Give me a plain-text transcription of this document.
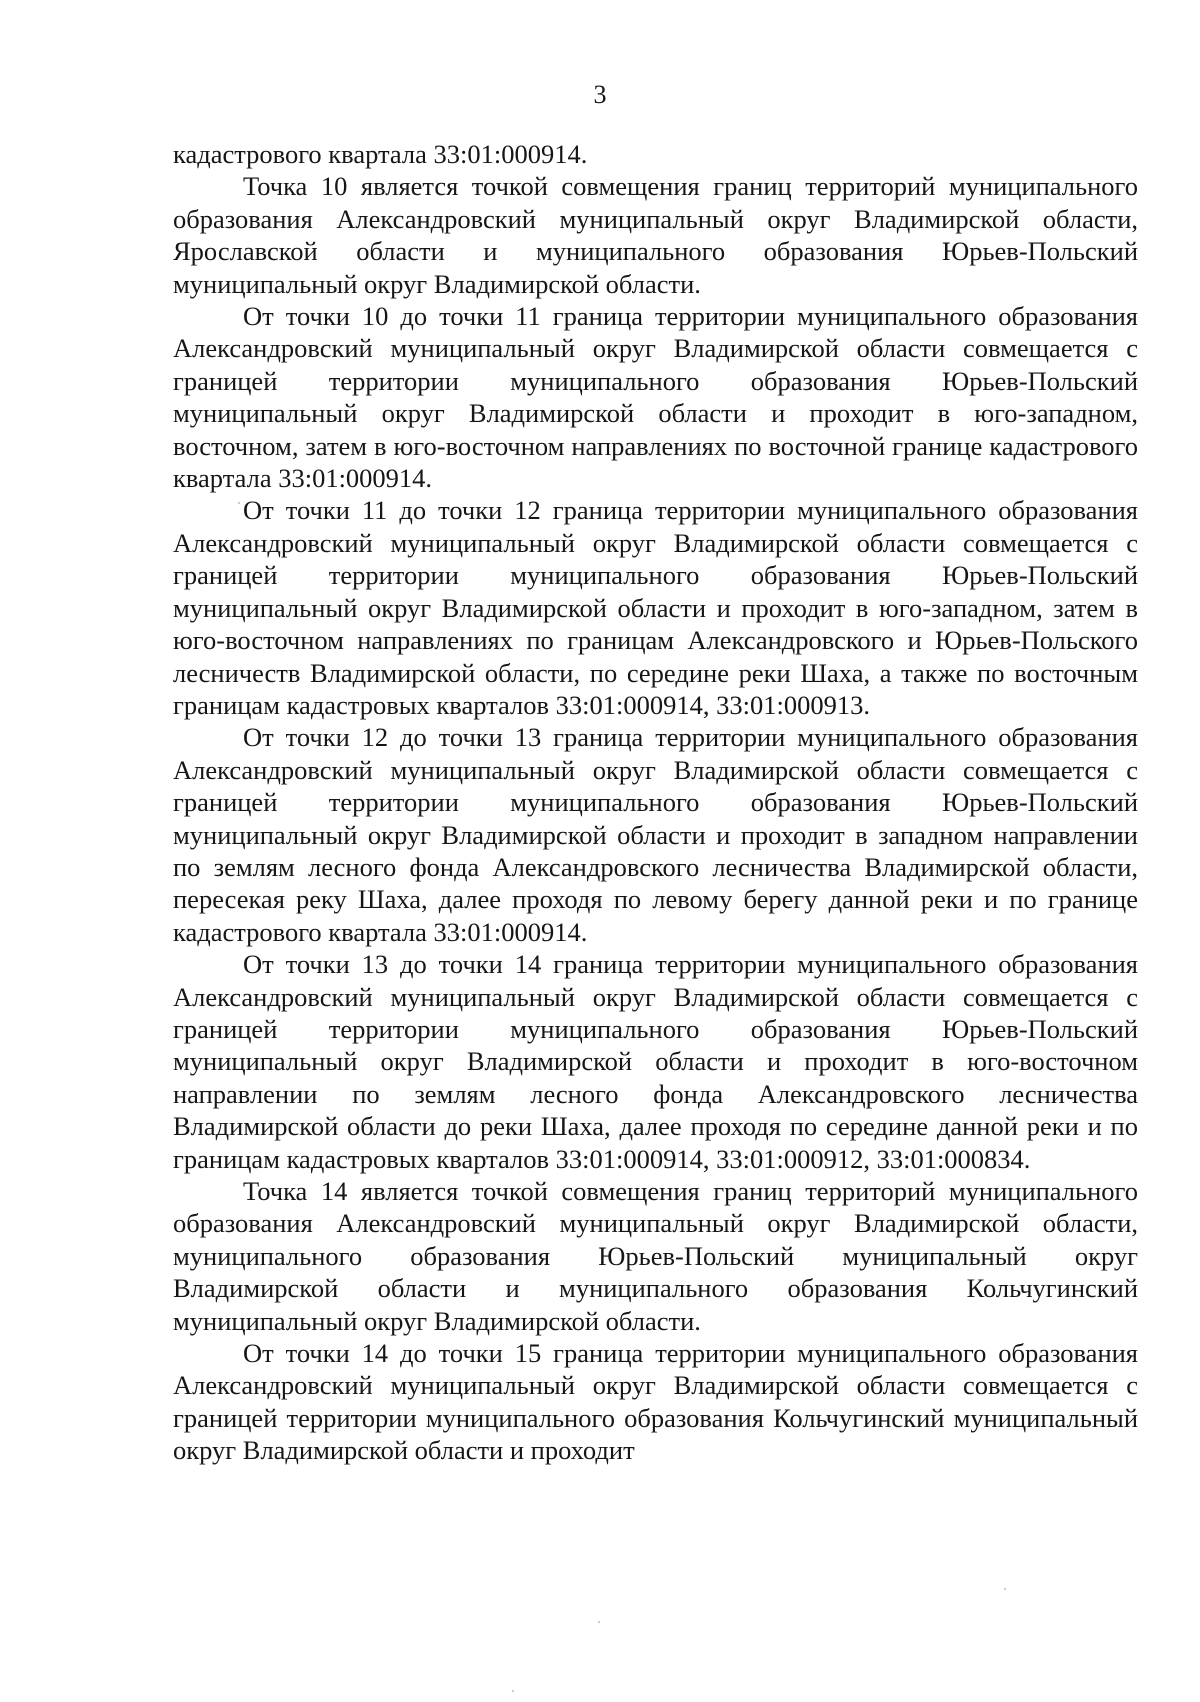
3

кадастрового квартала 33:01:000914.

Точка 10 является точкой совмещения границ территорий муниципального образования Александровский муниципальный округ Владимирской области, Ярославской области и муниципального образования Юрьев-Польский муниципальный округ Владимирской области.

От точки 10 до точки 11 граница территории муниципального образования Александровский муниципальный округ Владимирской области совмещается с границей территории муниципального образования Юрьев-Польский муниципальный округ Владимирской области и проходит в юго-западном, восточном, затем в юго-восточном направлениях по восточной границе кадастрового квартала 33:01:000914.

От точки 11 до точки 12 граница территории муниципального образования Александровский муниципальный округ Владимирской области совмещается с границей территории муниципального образования Юрьев-Польский муниципальный округ Владимирской области и проходит в юго-западном, затем в юго-восточном направлениях по границам Александровского и Юрьев-Польского лесничеств Владимирской области, по середине реки Шаха, а также по восточным границам кадастровых кварталов 33:01:000914, 33:01:000913.

От точки 12 до точки 13 граница территории муниципального образования Александровский муниципальный округ Владимирской области совмещается с границей территории муниципального образования Юрьев-Польский муниципальный округ Владимирской области и проходит в западном направлении по землям лесного фонда Александровского лесничества Владимирской области, пересекая реку Шаха, далее проходя по левому берегу данной реки и по границе кадастрового квартала 33:01:000914.

От точки 13 до точки 14 граница территории муниципального образования Александровский муниципальный округ Владимирской области совмещается с границей территории муниципального образования Юрьев-Польский муниципальный округ Владимирской области и проходит в юго-восточном направлении по землям лесного фонда Александровского лесничества Владимирской области до реки Шаха, далее проходя по середине данной реки и по границам кадастровых кварталов 33:01:000914, 33:01:000912, 33:01:000834.

Точка 14 является точкой совмещения границ территорий муниципального образования Александровский муниципальный округ Владимирской области, муниципального образования Юрьев-Польский муниципальный округ Владимирской области и муниципального образования Кольчугинский муниципальный округ Владимирской области.

От точки 14 до точки 15 граница территории муниципального образования Александровский муниципальный округ Владимирской области совмещается с границей территории муниципального образования Кольчугинский муниципальный округ Владимирской области и проходит
